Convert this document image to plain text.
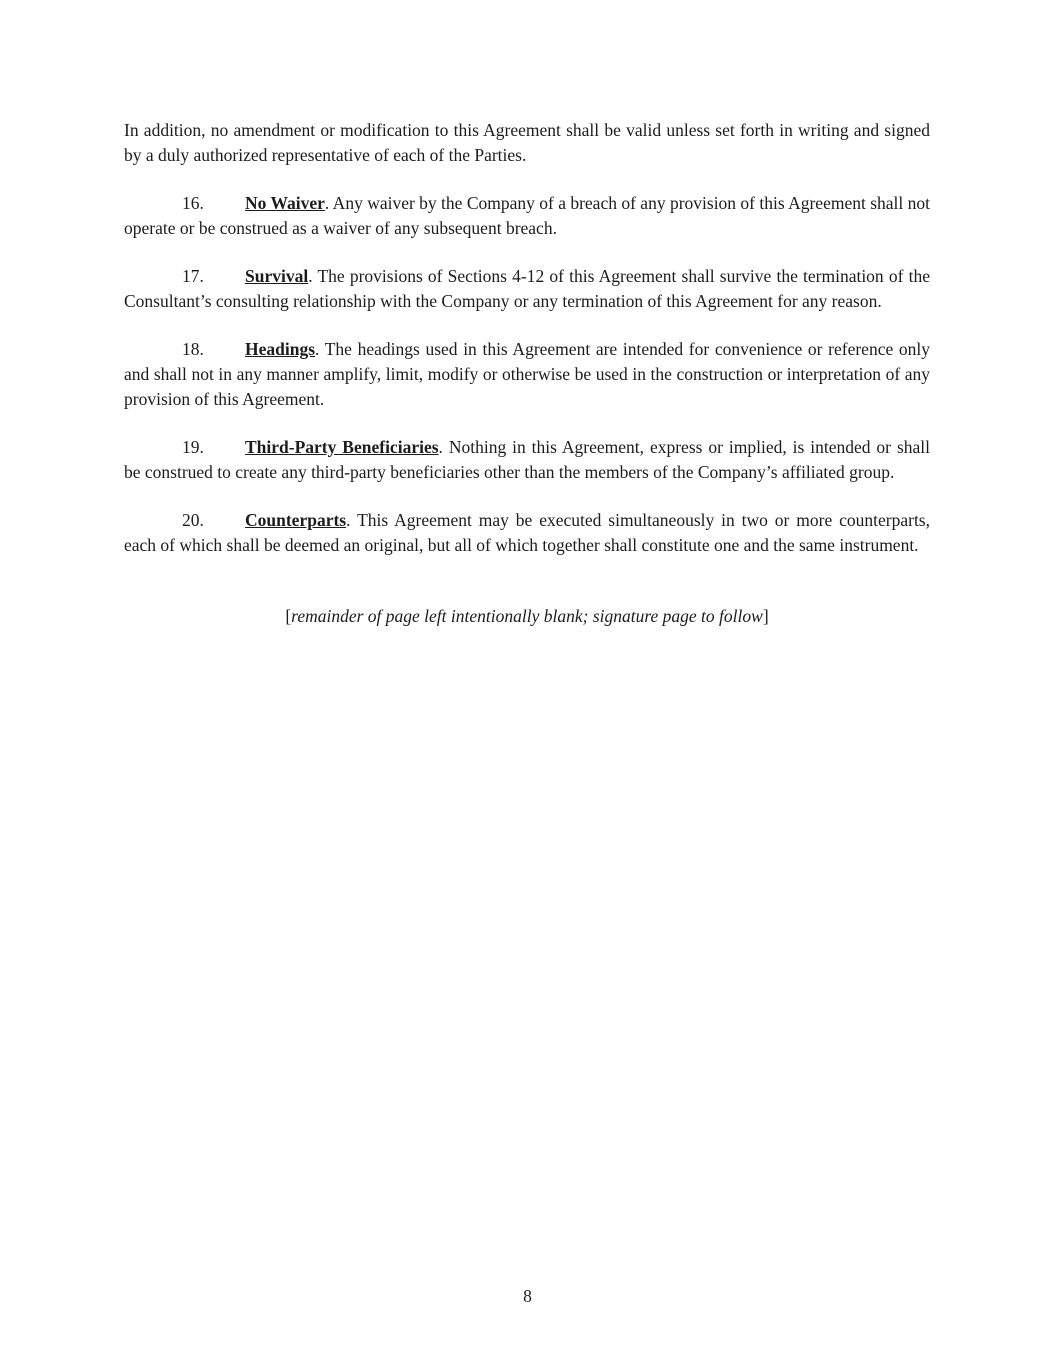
In addition, no amendment or modification to this Agreement shall be valid unless set forth in writing and signed by a duly authorized representative of each of the Parties.

16. No Waiver. Any waiver by the Company of a breach of any provision of this Agreement shall not operate or be construed as a waiver of any subsequent breach.

17. Survival. The provisions of Sections 4-12 of this Agreement shall survive the termination of the Consultant’s consulting relationship with the Company or any termination of this Agreement for any reason.

18. Headings. The headings used in this Agreement are intended for convenience or reference only and shall not in any manner amplify, limit, modify or otherwise be used in the construction or interpretation of any provision of this Agreement.

19. Third-Party Beneficiaries. Nothing in this Agreement, express or implied, is intended or shall be construed to create any third-party beneficiaries other than the members of the Company’s affiliated group.

20. Counterparts. This Agreement may be executed simultaneously in two or more counterparts, each of which shall be deemed an original, but all of which together shall constitute one and the same instrument.

[remainder of page left intentionally blank; signature page to follow]

8
